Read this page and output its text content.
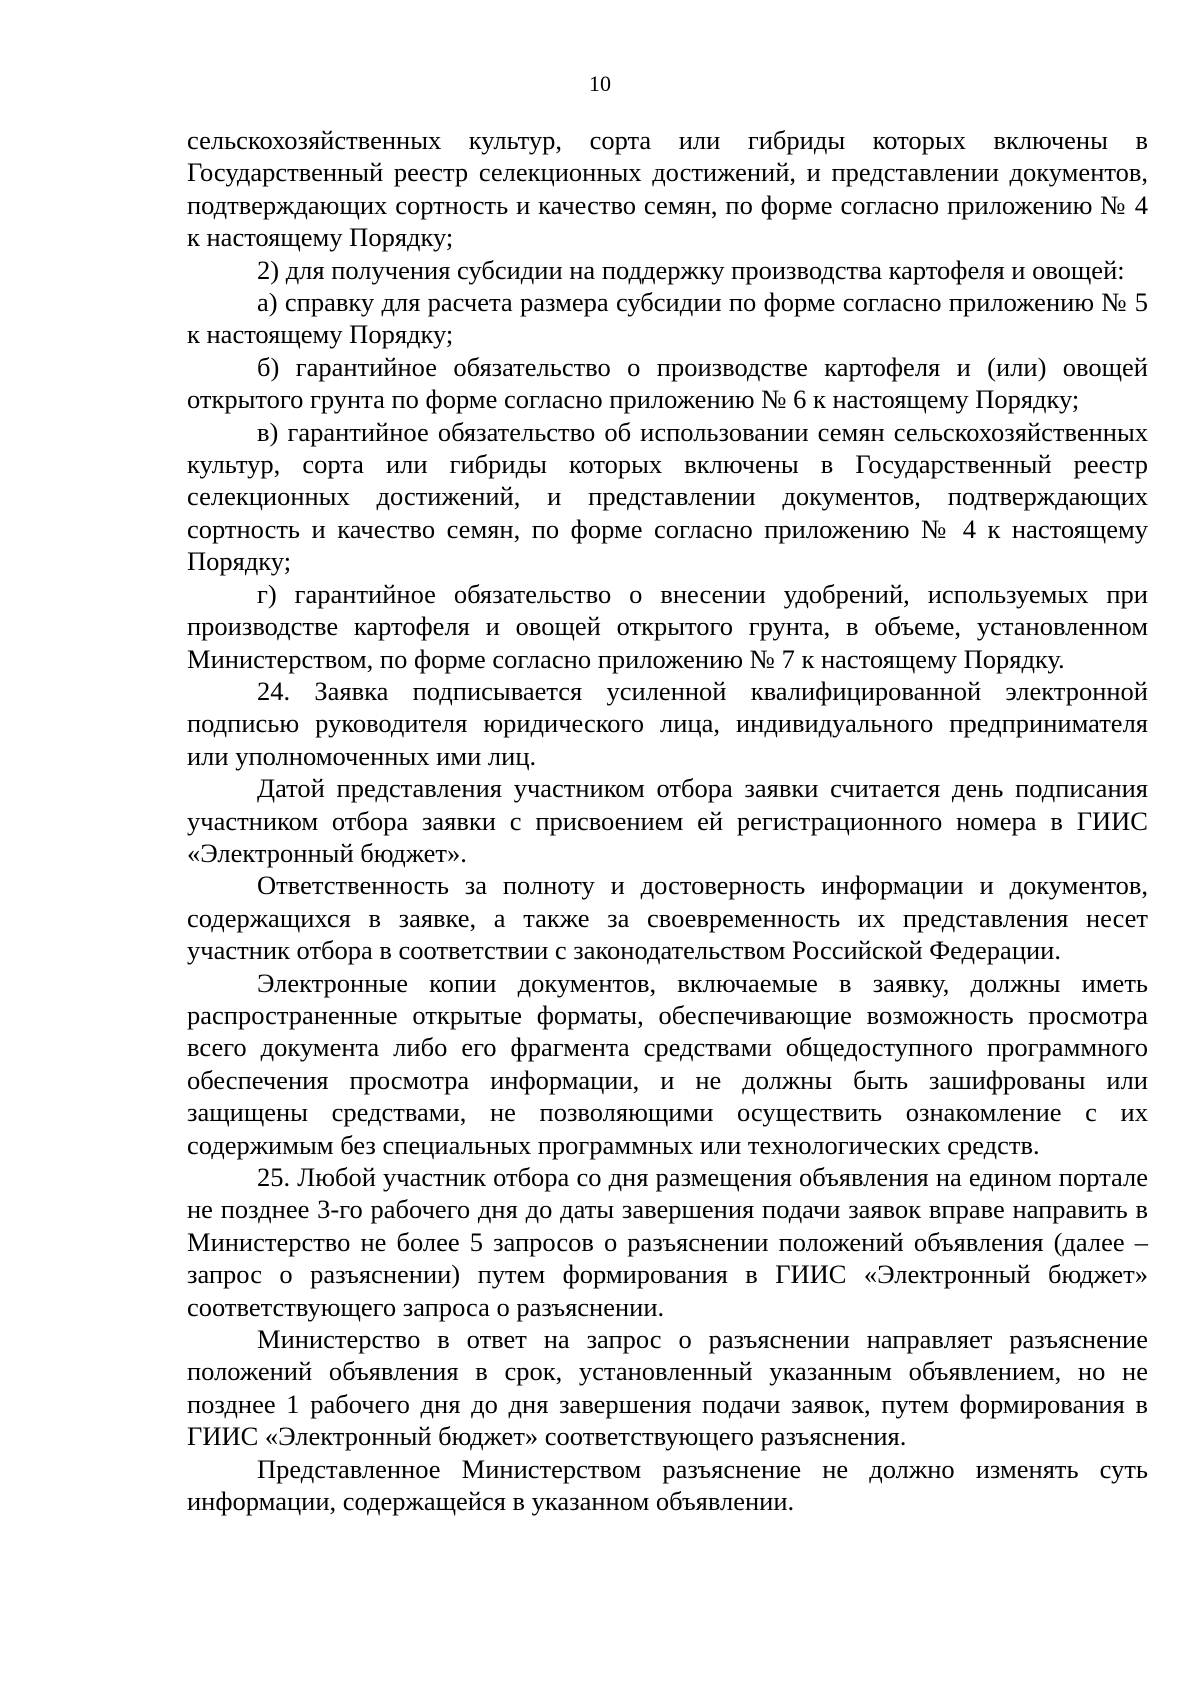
10

сельскохозяйственных культур, сорта или гибриды которых включены в Государственный реестр селекционных достижений, и представлении документов, подтверждающих сортность и качество семян, по форме согласно приложению № 4 к настоящему Порядку;

2) для получения субсидии на поддержку производства картофеля и овощей:

а) справку для расчета размера субсидии по форме согласно приложению № 5 к настоящему Порядку;

б) гарантийное обязательство о производстве картофеля и (или) овощей открытого грунта по форме согласно приложению № 6 к настоящему Порядку;

в) гарантийное обязательство об использовании семян сельскохозяйственных культур, сорта или гибриды которых включены в Государственный реестр селекционных достижений, и представлении документов, подтверждающих сортность и качество семян, по форме согласно приложению № 4 к настоящему Порядку;

г) гарантийное обязательство о внесении удобрений, используемых при производстве картофеля и овощей открытого грунта, в объеме, установленном Министерством, по форме согласно приложению № 7 к настоящему Порядку.

24. Заявка подписывается усиленной квалифицированной электронной подписью руководителя юридического лица, индивидуального предпринимателя или уполномоченных ими лиц.

Датой представления участником отбора заявки считается день подписания участником отбора заявки с присвоением ей регистрационного номера в ГИИС «Электронный бюджет».

Ответственность за полноту и достоверность информации и документов, содержащихся в заявке, а также за своевременность их представления несет участник отбора в соответствии с законодательством Российской Федерации.

Электронные копии документов, включаемые в заявку, должны иметь распространенные открытые форматы, обеспечивающие возможность просмотра всего документа либо его фрагмента средствами общедоступного программного обеспечения просмотра информации, и не должны быть зашифрованы или защищены средствами, не позволяющими осуществить ознакомление с их содержимым без специальных программных или технологических средств.

25. Любой участник отбора со дня размещения объявления на едином портале не позднее 3-го рабочего дня до даты завершения подачи заявок вправе направить в Министерство не более 5 запросов о разъяснении положений объявления (далее – запрос о разъяснении) путем формирования в ГИИС «Электронный бюджет» соответствующего запроса о разъяснении.

Министерство в ответ на запрос о разъяснении направляет разъяснение положений объявления в срок, установленный указанным объявлением, но не позднее 1 рабочего дня до дня завершения подачи заявок, путем формирования в ГИИС «Электронный бюджет» соответствующего разъяснения.

Представленное Министерством разъяснение не должно изменять суть информации, содержащейся в указанном объявлении.
